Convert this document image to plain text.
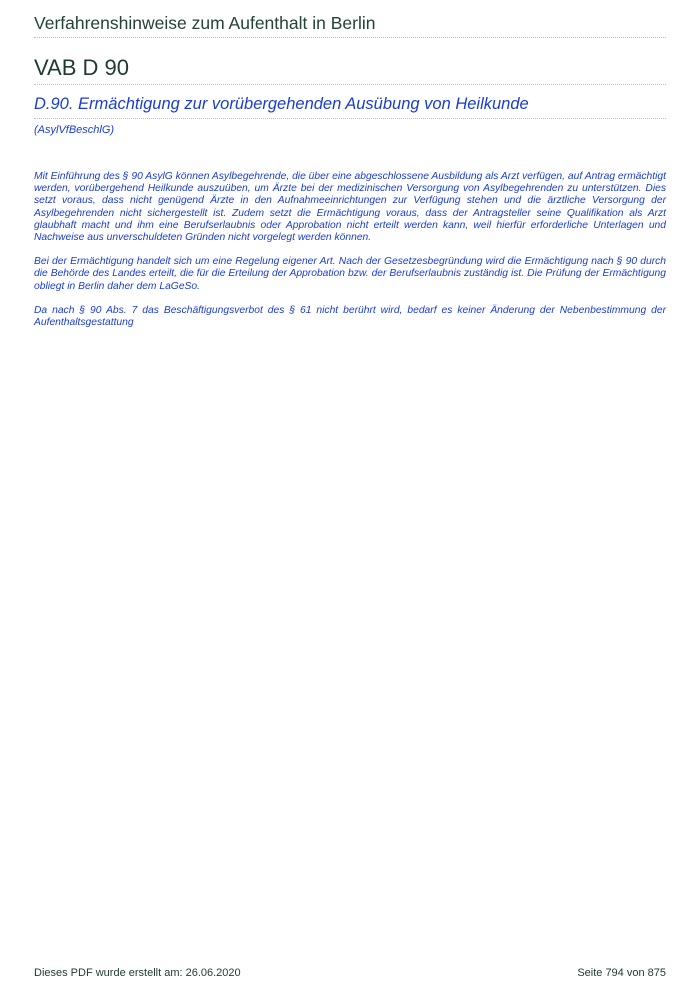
Verfahrenshinweise zum Aufenthalt in Berlin
VAB D 90
D.90. Ermächtigung zur vorübergehenden Ausübung von Heilkunde
(AsylVfBeschlG)

Mit Einführung des § 90 AsylG können Asylbegehrende, die über eine abgeschlossene Ausbildung als Arzt verfügen, auf Antrag ermächtigt werden, vorübergehend Heilkunde auszuüben, um Ärzte bei der medizinischen Versorgung von Asylbegehrenden zu unterstützen. Dies setzt voraus, dass nicht genügend Ärzte in den Aufnahmeeinrichtungen zur Verfügung stehen und die ärztliche Versorgung der Asylbegehrenden nicht sichergestellt ist. Zudem setzt die Ermächtigung voraus, dass der Antragsteller seine Qualifikation als Arzt glaubhaft macht und ihm eine Berufserlaubnis oder Approbation nicht erteilt werden kann, weil hierfür erforderliche Unterlagen und Nachweise aus unverschuldeten Gründen nicht vorgelegt werden können.

Bei der Ermächtigung handelt sich um eine Regelung eigener Art. Nach der Gesetzesbegründung wird die Ermächtigung nach § 90 durch die Behörde des Landes erteilt, die für die Erteilung der Approbation bzw. der Berufserlaubnis zuständig ist. Die Prüfung der Ermächtigung obliegt in Berlin daher dem LaGeSo.

Da nach § 90 Abs. 7 das Beschäftigungsverbot des § 61 nicht berührt wird, bedarf es keiner Änderung der Nebenbestimmung der Aufenthaltsgestattung

Dieses PDF wurde erstellt am: 26.06.2020	Seite 794 von 875
